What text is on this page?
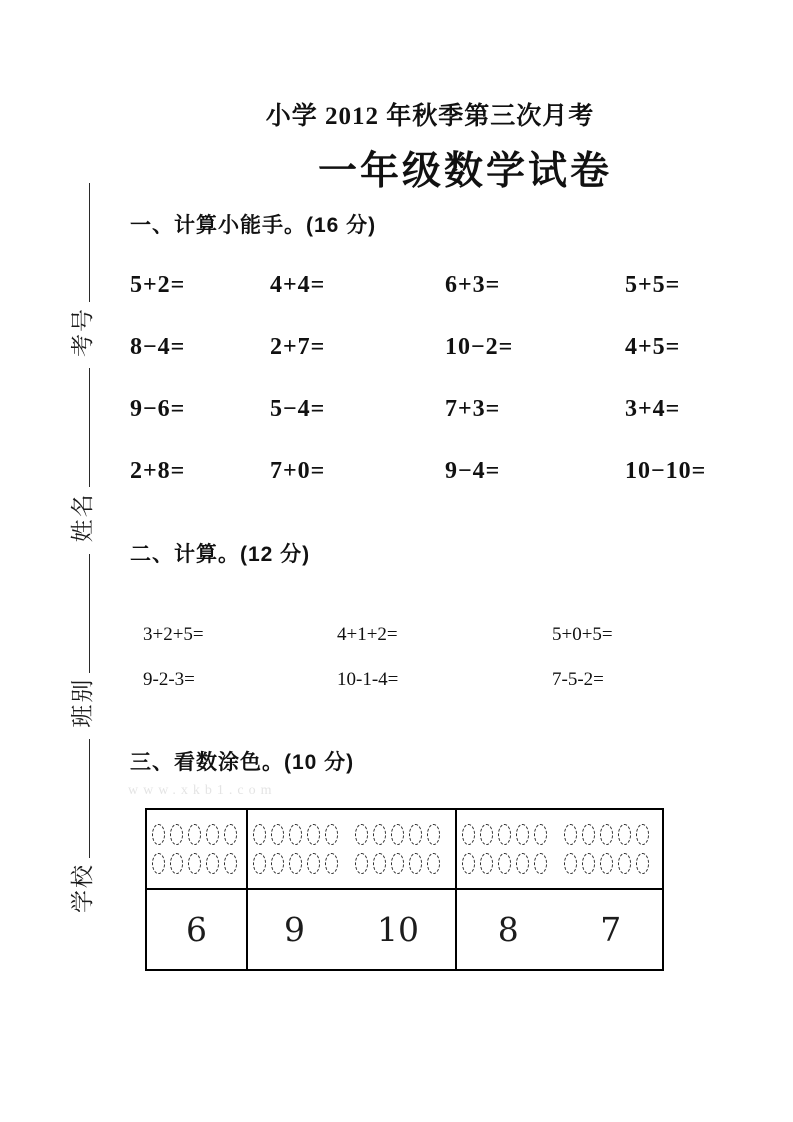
学校
班别
姓名
考号
小学 2012 年秋季第三次月考
一年级数学试卷
一、计算小能手。(16 分)
5+2=	4+4=	6+3=	5+5=
8−4=	2+7=	10−2=	4+5=
9−6=	5−4=	7+3=	3+4=
2+8=	7+0=	9−4=	10−10=
二、计算。(12 分)
3+2+5=	4+1+2=	5+0+5=
9-2-3=	10-1-4=	7-5-2=
三、看数涂色。(10 分)
www.xkb1.com
6 9 10 8 7
